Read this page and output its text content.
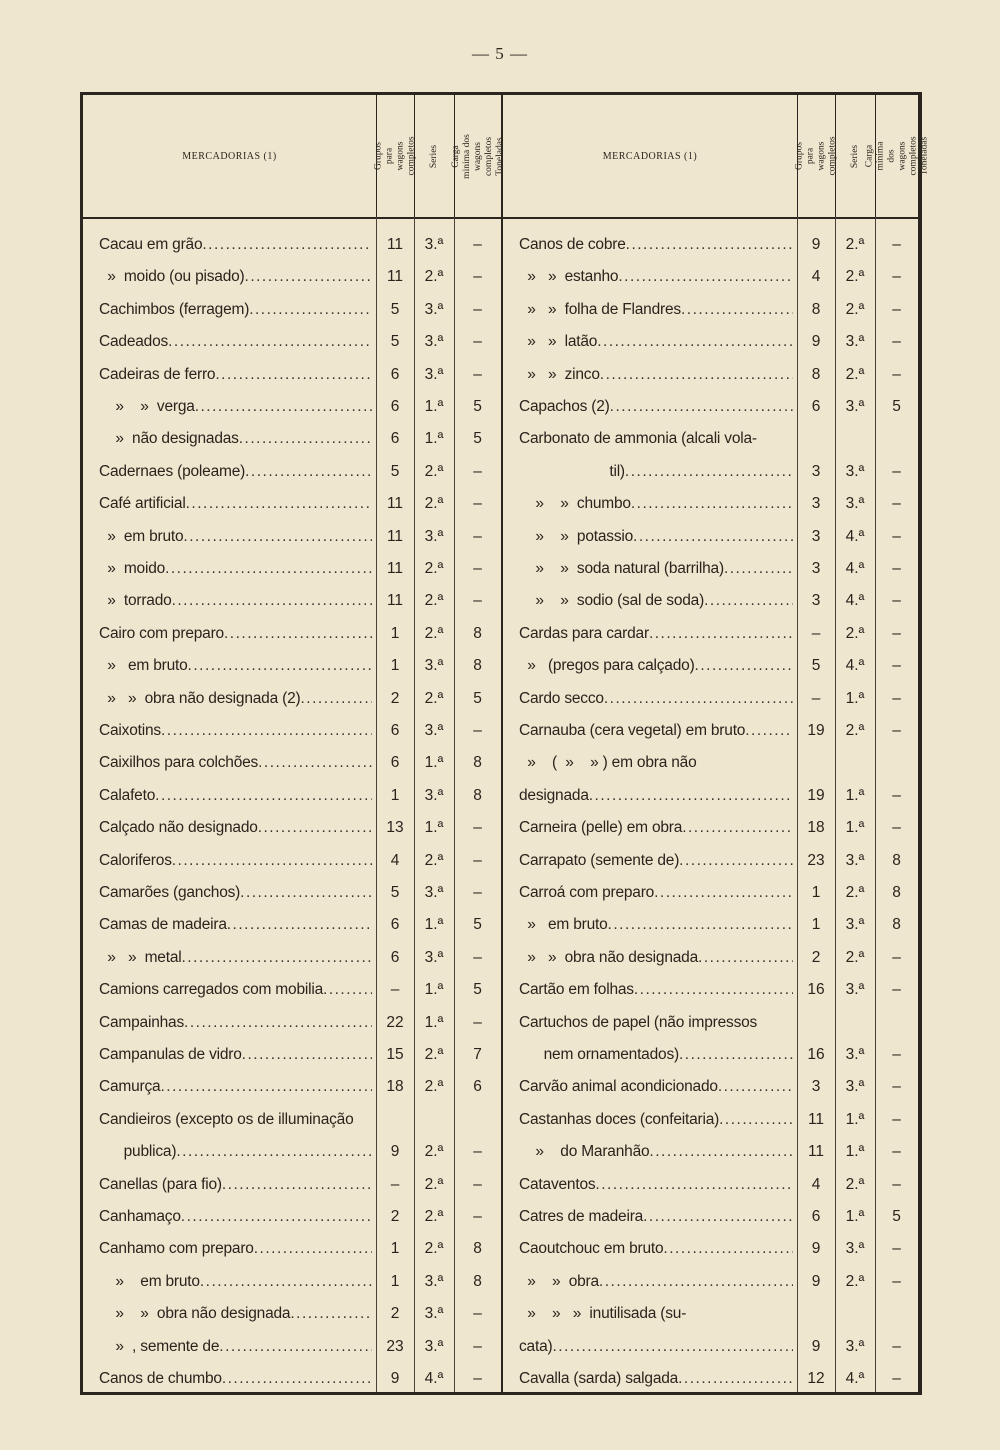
— 5 —
MERCADORIAS (1)	Grupos para wagons completos Series Carga minima dos wagons completos Toneladas
Cacau em grão .....	11	3.ª	–
»  moido (ou pisado) .....	11	2.ª	–
Cachimbos (ferragem) .....	5	3.ª	–
Cadeados .....	5	3.ª	–
Cadeiras de ferro .....	6	3.ª	–
»    »  verga .....	6	1.ª	5
»  não designadas .....	6	1.ª	5
Cadernaes (poleame) .....	5	2.ª	–
Café artificial .....	11	2.ª	–
»  em bruto .....	11	3.ª	–
»  moido .....	11	2.ª	–
»  torrado .....	11	2.ª	–
Cairo com preparo .....	1	2.ª	8
»   em bruto .....	1	3.ª	8
»   »  obra não designada (2) .....	2	2.ª	5
Caixotins .....	6	3.ª	–
Caixilhos para colchões .....	6	1.ª	8
Calafeto .....	1	3.ª	8
Calçado não designado .....	13	1.ª	–
Caloriferos .....	4	2.ª	–
Camarões (ganchos) .....	5	3.ª	–
Camas de madeira .....	6	1.ª	5
»   »  metal .....	6	3.ª	–
Camions carregados com mobilia .....	–	1.ª	5
Campainhas .....	22	1.ª	–
Campanulas de vidro .....	15	2.ª	7
Camurça .....	18	2.ª	6
Candieiros (excepto os de illuminação
publica) .....	9	2.ª	–
Canellas (para fio) .....	–	2.ª	–
Canhamaço .....	2	2.ª	–
Canhamo com preparo .....	1	2.ª	8
»    em bruto .....	1	3.ª	8
»    »  obra não designada .....	2	3.ª	–
»  , semente de .....	23	3.ª	–
Canos de chumbo .....	9	4.ª	–
MERCADORIAS (1)	Grupos para wagons completos Series Carga minima dos wagons completos Toneladas
Canos de cobre .....	9	2.ª	–
»   »  estanho .....	4	2.ª	–
»   »  folha de Flandres .....	8	2.ª	–
»   »  latão .....	9	3.ª	–
»   »  zinco .....	8	2.ª	–
Capachos (2) .....	6	3.ª	5
Carbonato de ammonia (alcali vola-
til) .....	3	3.ª	–
»    »  chumbo .....	3	3.ª	–
»    »  potassio .....	3	4.ª	–
»    »  soda natural (barrilha) .....	3	4.ª	–
»    »  sodio (sal de soda) .....	3	4.ª	–
Cardas para cardar .....	–	2.ª	–
»   (pregos para calçado) .....	5	4.ª	–
Cardo secco .....	–	1.ª	–
Carnauba (cera vegetal) em bruto .....	19	2.ª	–
»    (  »    » ) em obra não
designada .....	19	1.ª	–
Carneira (pelle) em obra .....	18	1.ª	–
Carrapato (semente de) .....	23	3.ª	8
Carroá com preparo .....	1	2.ª	8
»   em bruto .....	1	3.ª	8
»   »  obra não designada .....	2	2.ª	–
Cartão em folhas .....	16	3.ª	–
Cartuchos de papel (não impressos
nem ornamentados) .....	16	3.ª	–
Carvão animal acondicionado .....	3	3.ª	–
Castanhas doces (confeitaria) .....	11	1.ª	–
»    do Maranhão .....	11	1.ª	–
Cataventos .....	4	2.ª	–
Catres de madeira .....	6	1.ª	5
Caoutchouc em bruto .....	9	3.ª	–
»    »  obra .....	9	2.ª	–
»    »   »  inutilisada (su-
cata) .....	9	3.ª	–
Cavalla (sarda) salgada .....	12	4.ª	–
